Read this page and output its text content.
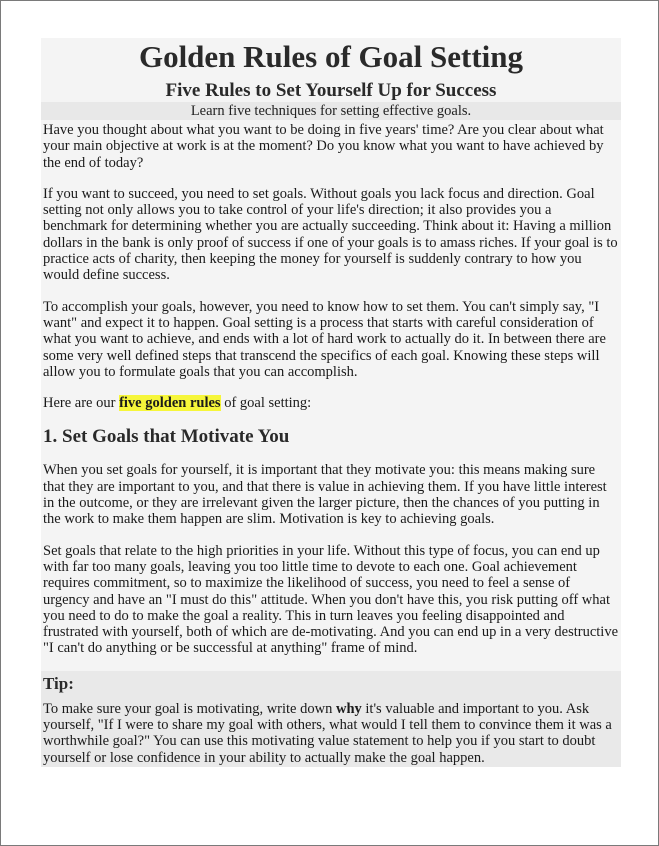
Golden Rules of Goal Setting
Five Rules to Set Yourself Up for Success

Learn five techniques for setting effective goals.

Have you thought about what you want to be doing in five years' time? Are you clear about what your main objective at work is at the moment? Do you know what you want to have achieved by the end of today?

If you want to succeed, you need to set goals. Without goals you lack focus and direction. Goal setting not only allows you to take control of your life's direction; it also provides you a benchmark for determining whether you are actually succeeding. Think about it: Having a million dollars in the bank is only proof of success if one of your goals is to amass riches. If your goal is to practice acts of charity, then keeping the money for yourself is suddenly contrary to how you would define success.

To accomplish your goals, however, you need to know how to set them. You can't simply say, "I want" and expect it to happen. Goal setting is a process that starts with careful consideration of what you want to achieve, and ends with a lot of hard work to actually do it. In between there are some very well defined steps that transcend the specifics of each goal. Knowing these steps will allow you to formulate goals that you can accomplish.

Here are our five golden rules of goal setting:

1. Set Goals that Motivate You

When you set goals for yourself, it is important that they motivate you: this means making sure that they are important to you, and that there is value in achieving them. If you have little interest in the outcome, or they are irrelevant given the larger picture, then the chances of you putting in the work to make them happen are slim. Motivation is key to achieving goals.

Set goals that relate to the high priorities in your life. Without this type of focus, you can end up with far too many goals, leaving you too little time to devote to each one. Goal achievement requires commitment, so to maximize the likelihood of success, you need to feel a sense of urgency and have an "I must do this" attitude. When you don't have this, you risk putting off what you need to do to make the goal a reality. This in turn leaves you feeling disappointed and frustrated with yourself, both of which are de-motivating. And you can end up in a very destructive "I can't do anything or be successful at anything" frame of mind.

Tip:

To make sure your goal is motivating, write down why it's valuable and important to you. Ask yourself, "If I were to share my goal with others, what would I tell them to convince them it was a worthwhile goal?" You can use this motivating value statement to help you if you start to doubt yourself or lose confidence in your ability to actually make the goal happen.
